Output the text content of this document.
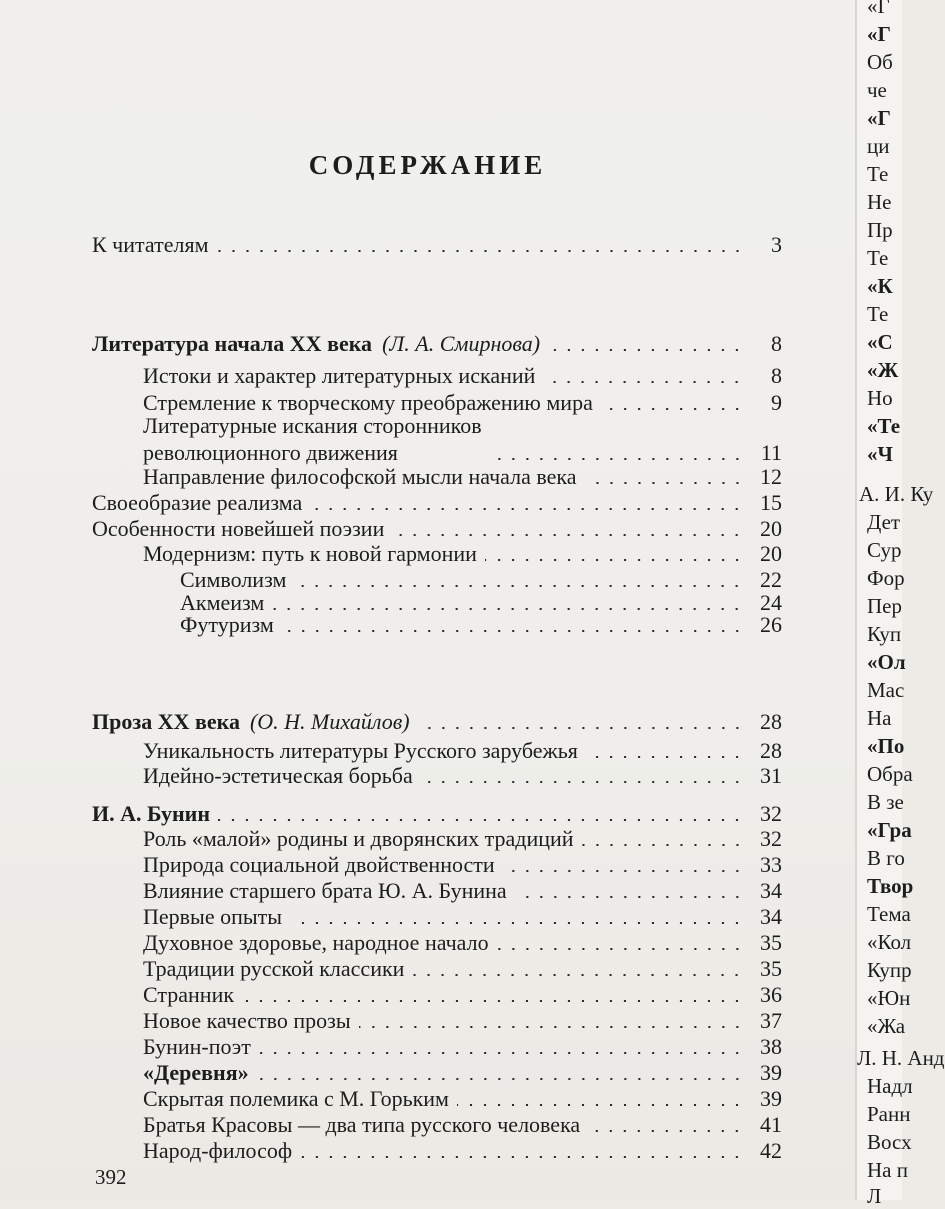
СОДЕРЖАНИЕ
К читателям	3
Литература начала XX века (Л. А. Смирнова)	8
Истоки и характер литературных исканий	8
Стремление к творческому преображению мира	9
Литературные искания сторонников
революционного движения	11
Направление философской мысли начала века	12
Своеобразие реализма	15
Особенности новейшей поэзии	20
Модернизм: путь к новой гармонии	20
Символизм	22
Акмеизм	24
Футуризм	26
Проза XX века (О. Н. Михайлов)	28
Уникальность литературы Русского зарубежья	28
Идейно-эстетическая борьба	31
И. А. Бунин	32
Роль «малой» родины и дворянских традиций	32
Природа социальной двойственности	33
Влияние старшего брата Ю. А. Бунина	34
Первые опыты	34
Духовное здоровье, народное начало	35
Традиции русской классики	35
Странник	36
Новое качество прозы	37
Бунин-поэт	38
«Деревня»	39
Скрытая полемика с М. Горьким	39
Братья Красовы — два типа русского человека	41
Народ-философ	42
392
«Г
«Г
Об
че
«Г
ци
Те
Не
Пр
Те
«К
Те
«С
«Ж
Но
«Те
«Ч
А. И. Ку
Дет
Сур
Фор
Пер
Куп
«Ол
Мас
На
«По
Обра
В зе
«Гра
В го
Твор
Тема
«Кол
Купр
«Юн
«Жа
Л. Н. Анд
Надл
Ранн
Восх
На п
Л
